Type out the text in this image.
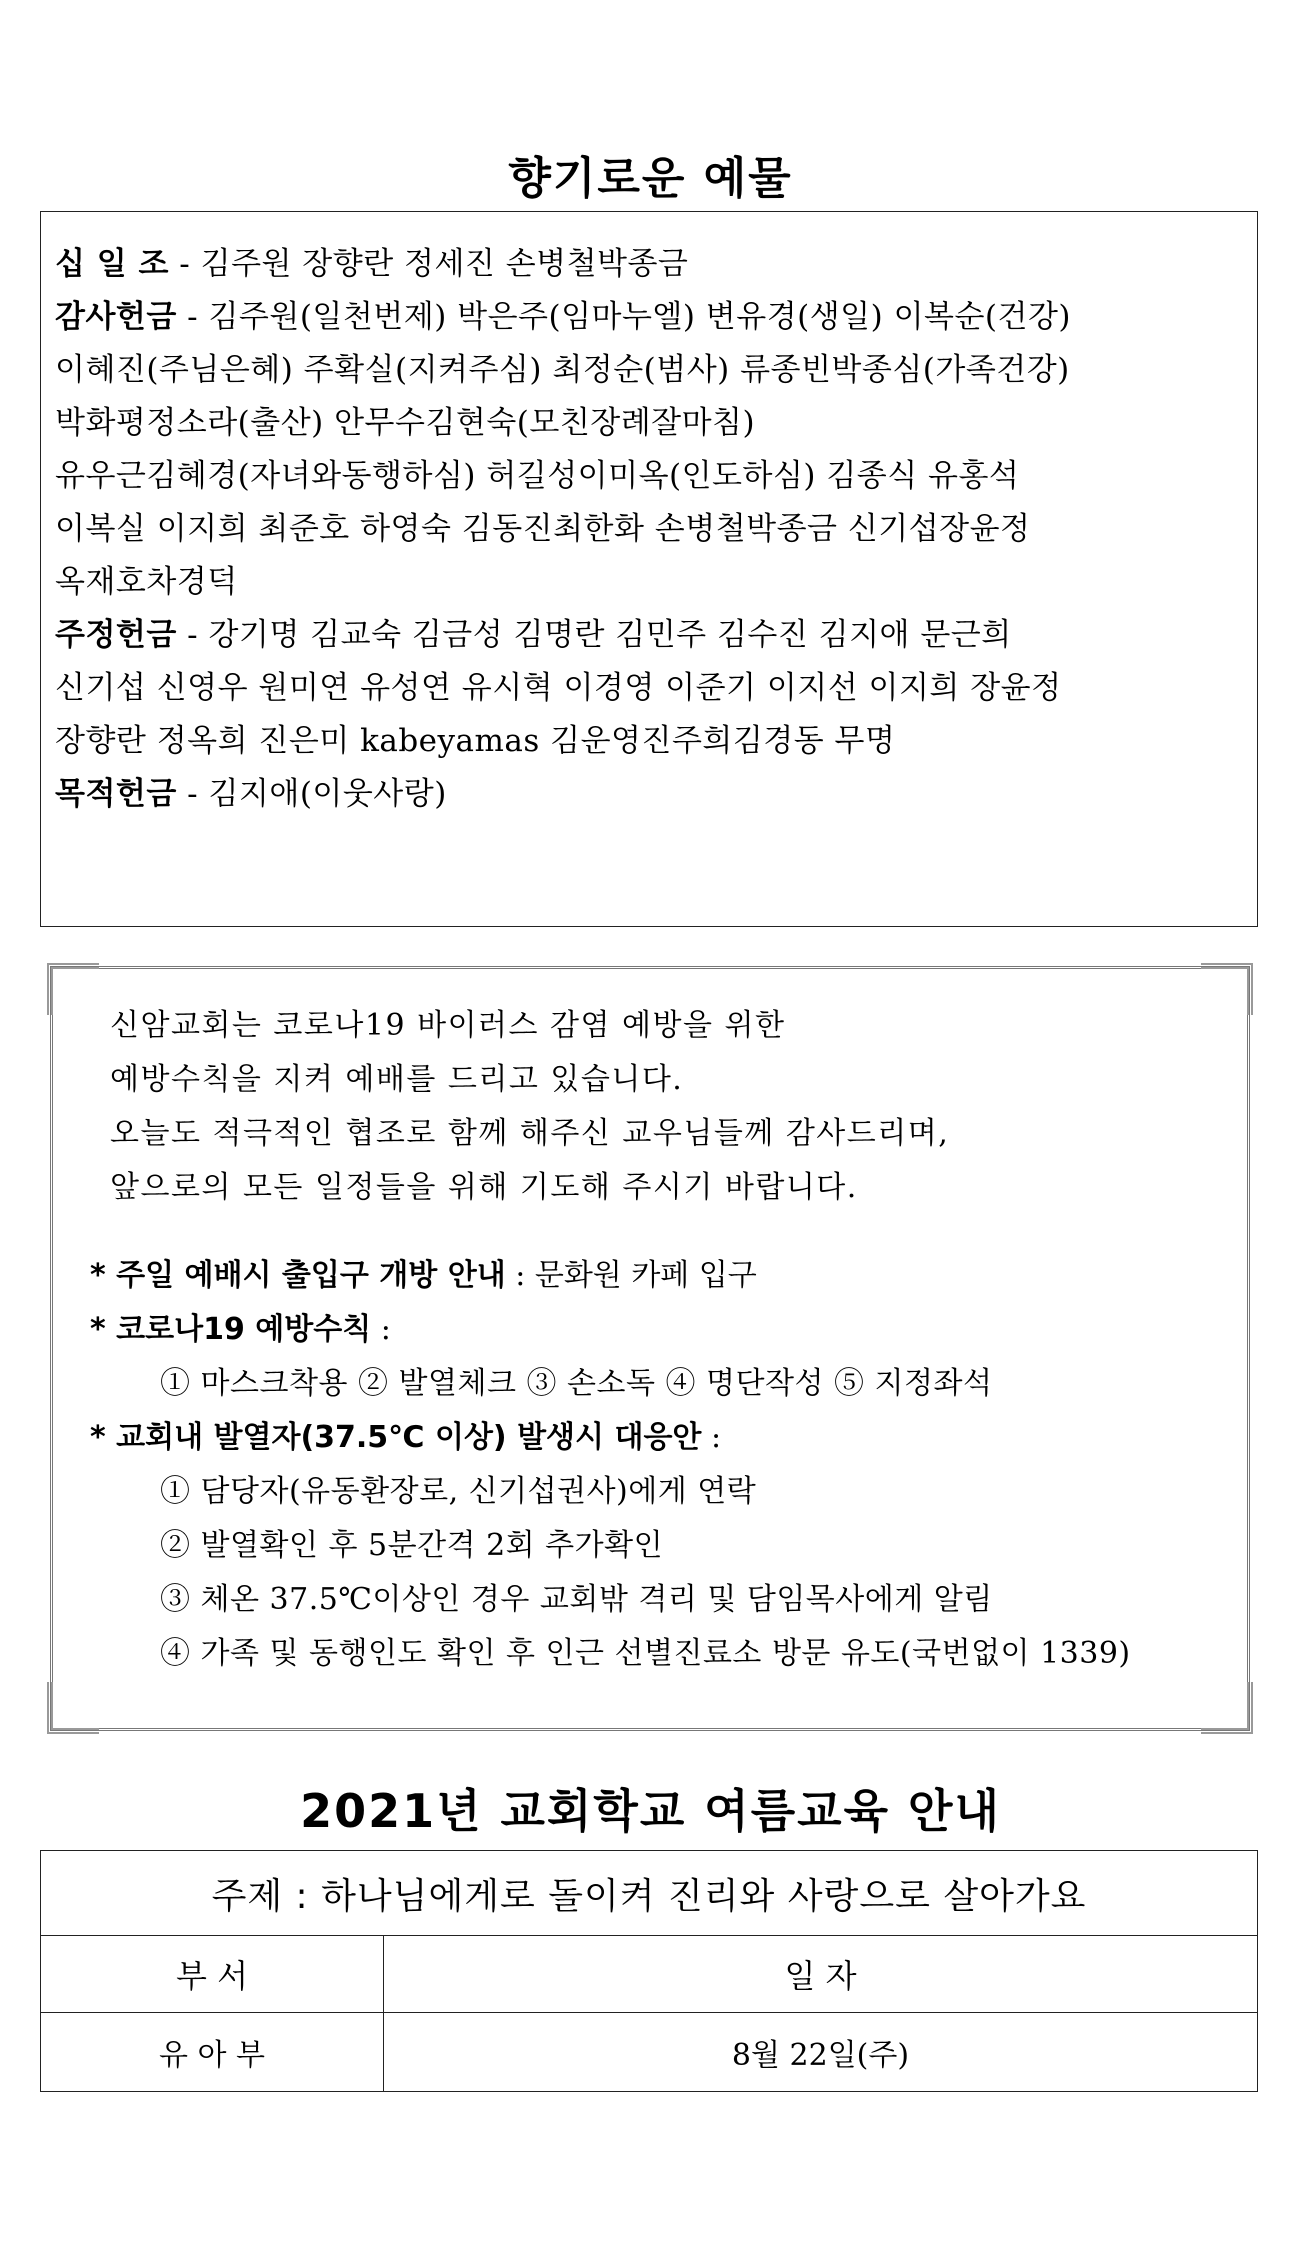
향기로운 예물
십 일 조 - 김주원 장향란 정세진 손병철박종금
감사헌금 - 김주원(일천번제) 박은주(임마누엘) 변유경(생일) 이복순(건강)
이혜진(주님은혜) 주확실(지켜주심) 최정순(범사) 류종빈박종심(가족건강)
박화평정소라(출산) 안무수김현숙(모친장례잘마침)
유우근김혜경(자녀와동행하심) 허길성이미옥(인도하심) 김종식 유홍석
이복실 이지희 최준호 하영숙 김동진최한화 손병철박종금 신기섭장윤정
옥재호차경덕
주정헌금 - 강기명 김교숙 김금성 김명란 김민주 김수진 김지애 문근희
신기섭 신영우 원미연 유성연 유시혁 이경영 이준기 이지선 이지희 장윤정
장향란 정옥희 진은미 kabeyamas 김운영진주희김경동 무명
목적헌금 - 김지애(이웃사랑)
신암교회는 코로나19 바이러스 감염 예방을 위한
예방수칙을 지켜 예배를 드리고 있습니다.
오늘도 적극적인 협조로 함께 해주신 교우님들께 감사드리며,
앞으로의 모든 일정들을 위해 기도해 주시기 바랍니다.
* 주일 예배시 출입구 개방 안내 : 문화원 카페 입구
* 코로나19 예방수칙 :
① 마스크착용 ② 발열체크 ③ 손소독 ④ 명단작성 ⑤ 지정좌석
* 교회내 발열자(37.5℃ 이상) 발생시 대응안 :
① 담당자(유동환장로, 신기섭권사)에게 연락
② 발열확인 후 5분간격 2회 추가확인
③ 체온 37.5℃이상인 경우 교회밖 격리 및 담임목사에게 알림
④ 가족 및 동행인도 확인 후 인근 선별진료소 방문 유도(국번없이 1339)
2021년 교회학교 여름교육 안내
주제 : 하나님에게로 돌이켜 진리와 사랑으로 살아가요	
부 서	일 자
유 아 부	8월 22일(주)
